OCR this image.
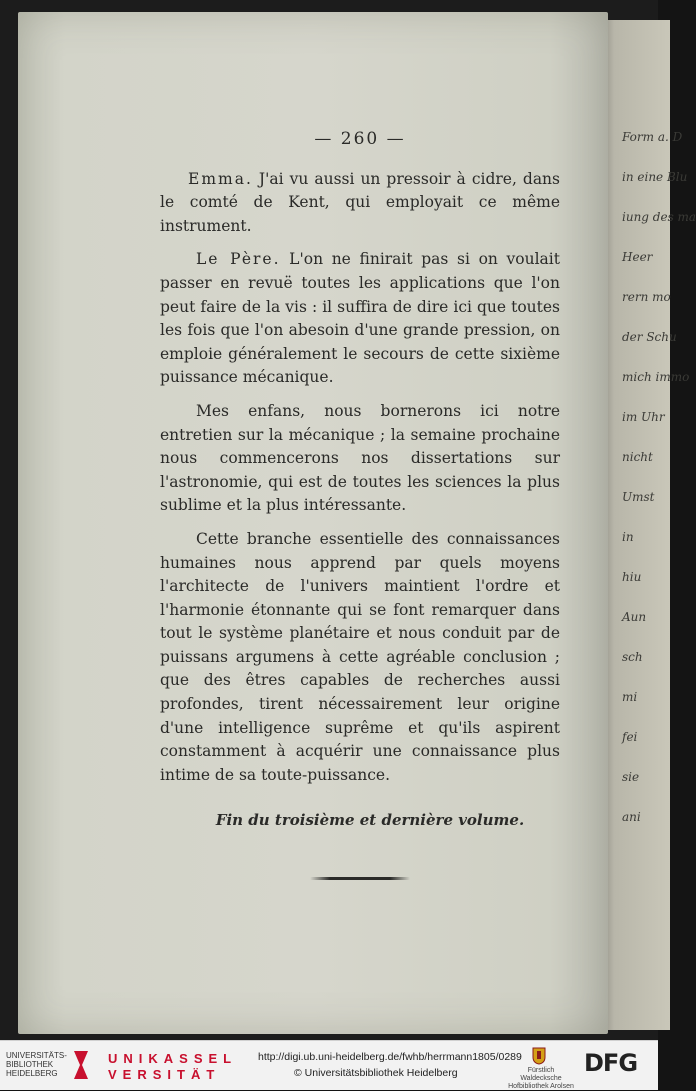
Form a. D
in eine Blu
iung des ma
Heer
rern mo
der Schu
mich immo
im Uhr
nicht
Umst
in
hiu
Aun
sch
mi
fei
sie
ani
— 260 —

Emma. J'ai vu aussi un pressoir à cidre, dans le comté de Kent, qui employait ce même instrument.

Le Père. L'on ne finirait pas si on voulait passer en revuë toutes les applications que l'on peut faire de la vis : il suffira de dire ici que toutes les fois que l'on abesoin d'une grande pression, on emploie généralement le secours de cette sixième puissance mécanique.

Mes enfans, nous bornerons ici notre entretien sur la mécanique ; la semaine prochaine nous commencerons nos dissertations sur l'astronomie, qui est de toutes les sciences la plus sublime et la plus intéressante.

Cette branche essentielle des connaissances humaines nous apprend par quels moyens l'architecte de l'univers maintient l'ordre et l'harmonie étonnante qui se font remarquer dans tout le système planétaire et nous conduit par de puissans argumens à cette agréable conclusion ; que des êtres capables de recherches aussi profondes, tirent nécessairement leur origine d'une intelligence suprême et qu'ils aspirent constamment à acquérir une connaissance plus intime de sa toute-puissance.

Fin du troisième et dernière volume.
UNIVERSITÄTS-BIBLIOTHEK HEIDELBERG
UNIKASSEL
VERSITÄT
http://digi.ub.uni-heidelberg.de/fwhb/herrmann1805/0289
© Universitätsbibliothek Heidelberg	Fürstlich Waldecksche Hofbibliothek Arolsen
DFG
